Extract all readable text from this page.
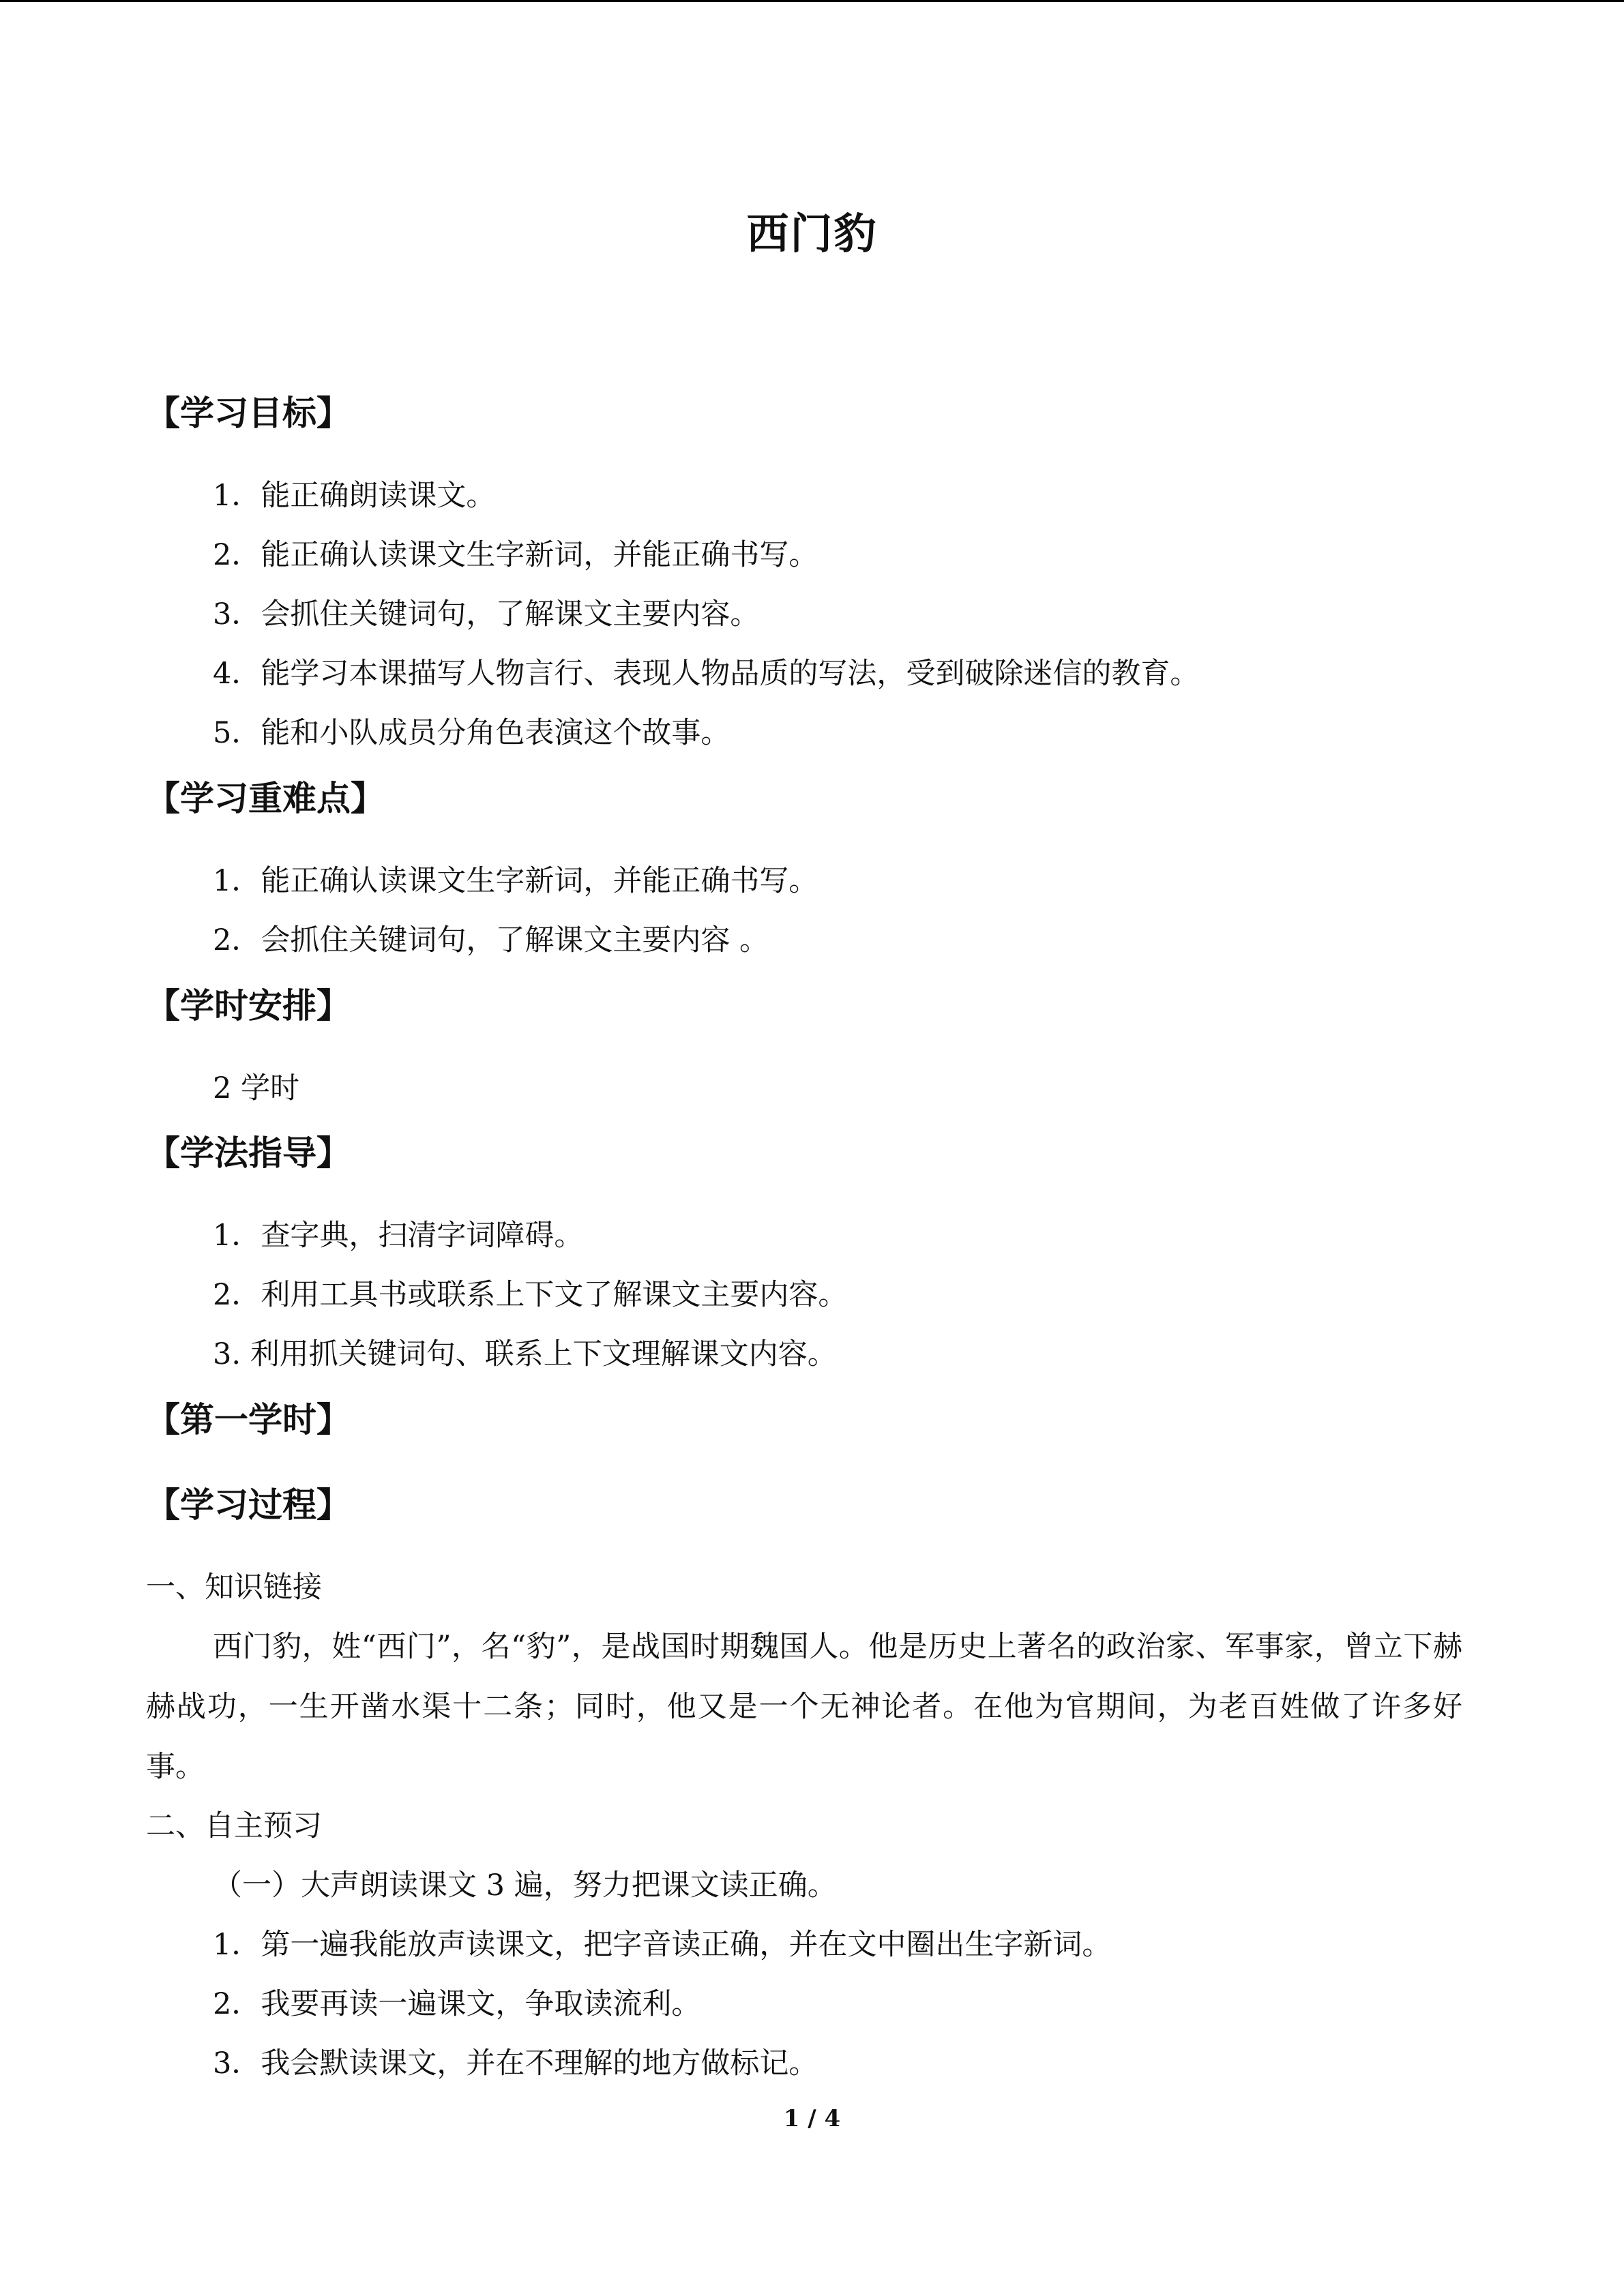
西门豹
【学习目标】
1．能正确朗读课文。
2．能正确认读课文生字新词，并能正确书写。
3．会抓住关键词句，了解课文主要内容。
4．能学习本课描写人物言行、表现人物品质的写法，受到破除迷信的教育。
5．能和小队成员分角色表演这个故事。
【学习重难点】
1．能正确认读课文生字新词，并能正确书写。
2．会抓住关键词句，了解课文主要内容 。
【学时安排】
2 学时
【学法指导】
1．查字典，扫清字词障碍。
2．利用工具书或联系上下文了解课文主要内容。
3. 利用抓关键词句、联系上下文理解课文内容。
【第一学时】
【学习过程】
一、知识链接
西门豹，姓“西门”，名“豹”，是战国时期魏国人。他是历史上著名的政治家、军事家，曾立下赫赫战功，一生开凿水渠十二条；同时，他又是一个无神论者。在他为官期间，为老百姓做了许多好事。
二、自主预习
（一）大声朗读课文 3 遍，努力把课文读正确。
1．第一遍我能放声读课文，把字音读正确，并在文中圈出生字新词。
2．我要再读一遍课文，争取读流利。
3．我会默读课文，并在不理解的地方做标记。
1 / 4
